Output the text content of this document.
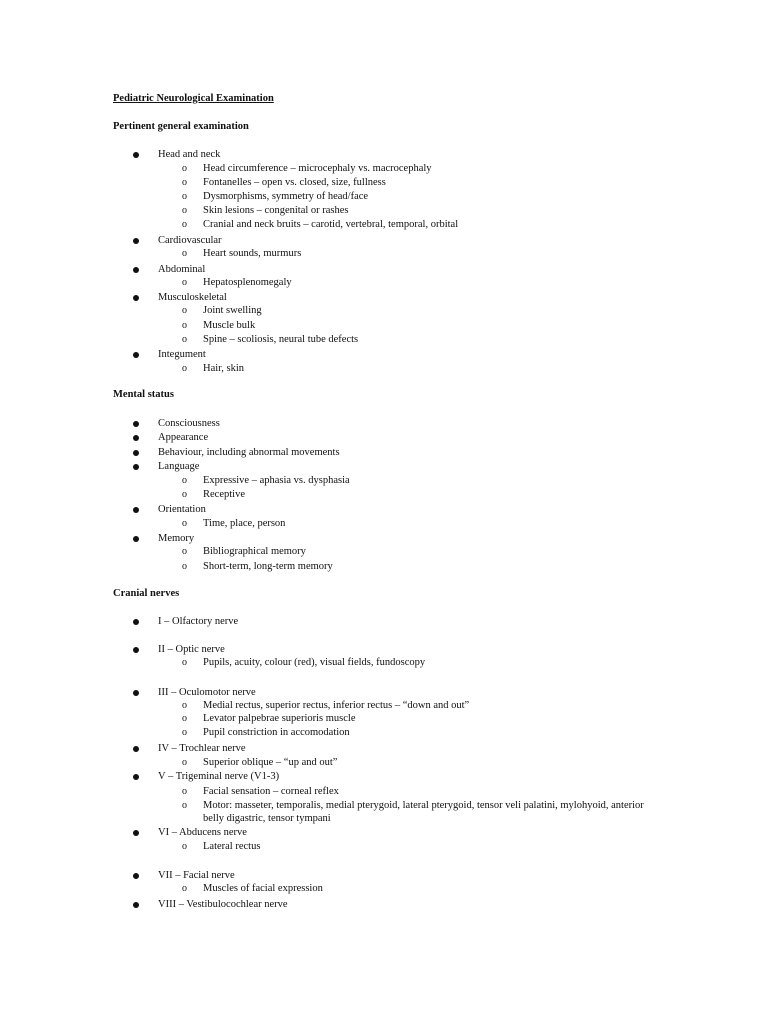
Pediatric Neurological Examination
Pertinent general examination
Head and neck
o Head circumference – microcephaly vs. macrocephaly
o Fontanelles – open vs. closed, size, fullness
o Dysmorphisms, symmetry of head/face
o Skin lesions – congenital or rashes
o Cranial and neck bruits – carotid, vertebral, temporal, orbital
Cardiovascular
o Heart sounds, murmurs
Abdominal
o Hepatosplenomegaly
Musculoskeletal
o Joint swelling
o Muscle bulk
o Spine – scoliosis, neural tube defects
Integument
o Hair, skin
Mental status
Consciousness
Appearance
Behaviour, including abnormal movements
Language
o Expressive – aphasia vs. dysphasia
o Receptive
Orientation
o Time, place, person
Memory
o Bibliographical memory
o Short-term, long-term memory
Cranial nerves
I – Olfactory nerve
II – Optic nerve
o Pupils, acuity, colour (red), visual fields, fundoscopy
III – Oculomotor nerve
o Medial rectus, superior rectus, inferior rectus – “down and out”
o Levator palpebrae superioris muscle
o Pupil constriction in accomodation
IV – Trochlear nerve
o Superior oblique – “up and out”
V – Trigeminal nerve (V1-3)
o Facial sensation – corneal reflex
o Motor: masseter, temporalis, medial pterygoid, lateral pterygoid, tensor veli palatini, mylohyoid, anterior belly digastric, tensor tympani
VI – Abducens nerve
o Lateral rectus
VII – Facial nerve
o Muscles of facial expression
VIII – Vestibulocochlear nerve
